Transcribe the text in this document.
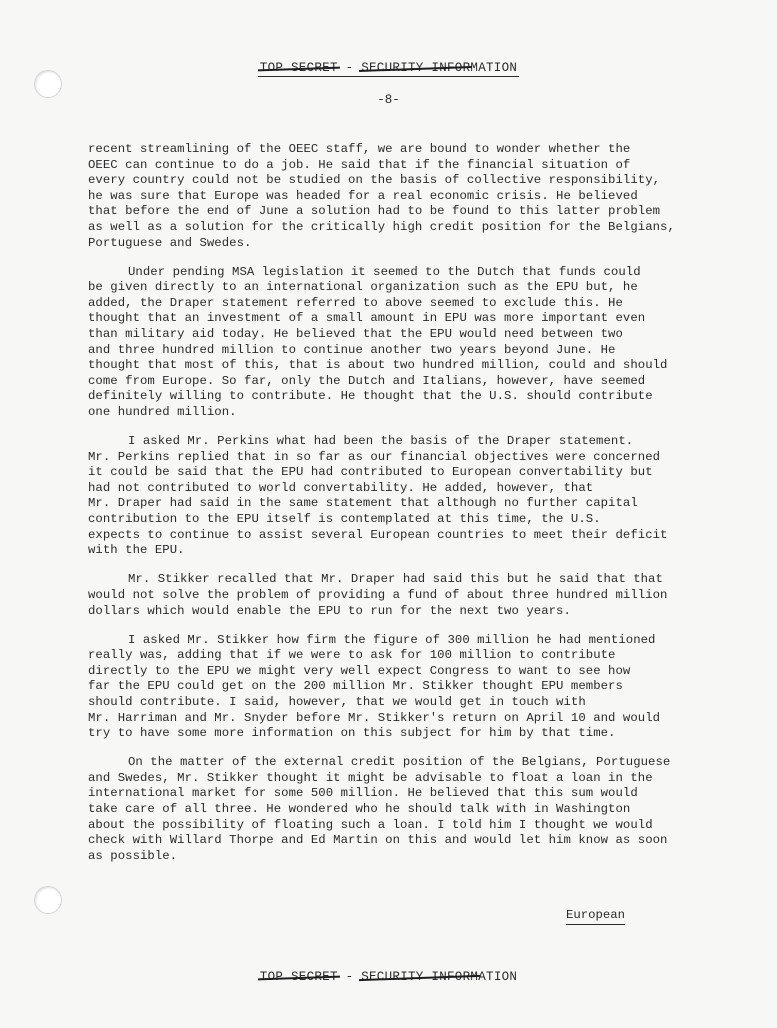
TOP SECRET - SECURITY INFORMATION
-8-
recent streamlining of the OEEC staff, we are bound to wonder whether the
OEEC can continue to do a job. He said that if the financial situation of
every country could not be studied on the basis of collective responsibility,
he was sure that Europe was headed for a real economic crisis. He believed
that before the end of June a solution had to be found to this latter problem
as well as a solution for the critically high credit position for the Belgians,
Portuguese and Swedes.
Under pending MSA legislation it seemed to the Dutch that funds could
be given directly to an international organization such as the EPU but, he
added, the Draper statement referred to above seemed to exclude this. He
thought that an investment of a small amount in EPU was more important even
than military aid today. He believed that the EPU would need between two
and three hundred million to continue another two years beyond June. He
thought that most of this, that is about two hundred million, could and should
come from Europe. So far, only the Dutch and Italians, however, have seemed
definitely willing to contribute. He thought that the U.S. should contribute
one hundred million.
I asked Mr. Perkins what had been the basis of the Draper statement.
Mr. Perkins replied that in so far as our financial objectives were concerned
it could be said that the EPU had contributed to European convertability but
had not contributed to world convertability. He added, however, that
Mr. Draper had said in the same statement that although no further capital
contribution to the EPU itself is contemplated at this time, the U.S.
expects to continue to assist several European countries to meet their deficit
with the EPU.
Mr. Stikker recalled that Mr. Draper had said this but he said that that
would not solve the problem of providing a fund of about three hundred million
dollars which would enable the EPU to run for the next two years.
I asked Mr. Stikker how firm the figure of 300 million he had mentioned
really was, adding that if we were to ask for 100 million to contribute
directly to the EPU we might very well expect Congress to want to see how
far the EPU could get on the 200 million Mr. Stikker thought EPU members
should contribute. I said, however, that we would get in touch with
Mr. Harriman and Mr. Snyder before Mr. Stikker's return on April 10 and would
try to have some more information on this subject for him by that time.
On the matter of the external credit position of the Belgians, Portuguese
and Swedes, Mr. Stikker thought it might be advisable to float a loan in the
international market for some 500 million. He believed that this sum would
take care of all three. He wondered who he should talk with in Washington
about the possibility of floating such a loan. I told him I thought we would
check with Willard Thorpe and Ed Martin on this and would let him know as soon
as possible.
European
TOP SECRET - SECURITY INFORMATION
